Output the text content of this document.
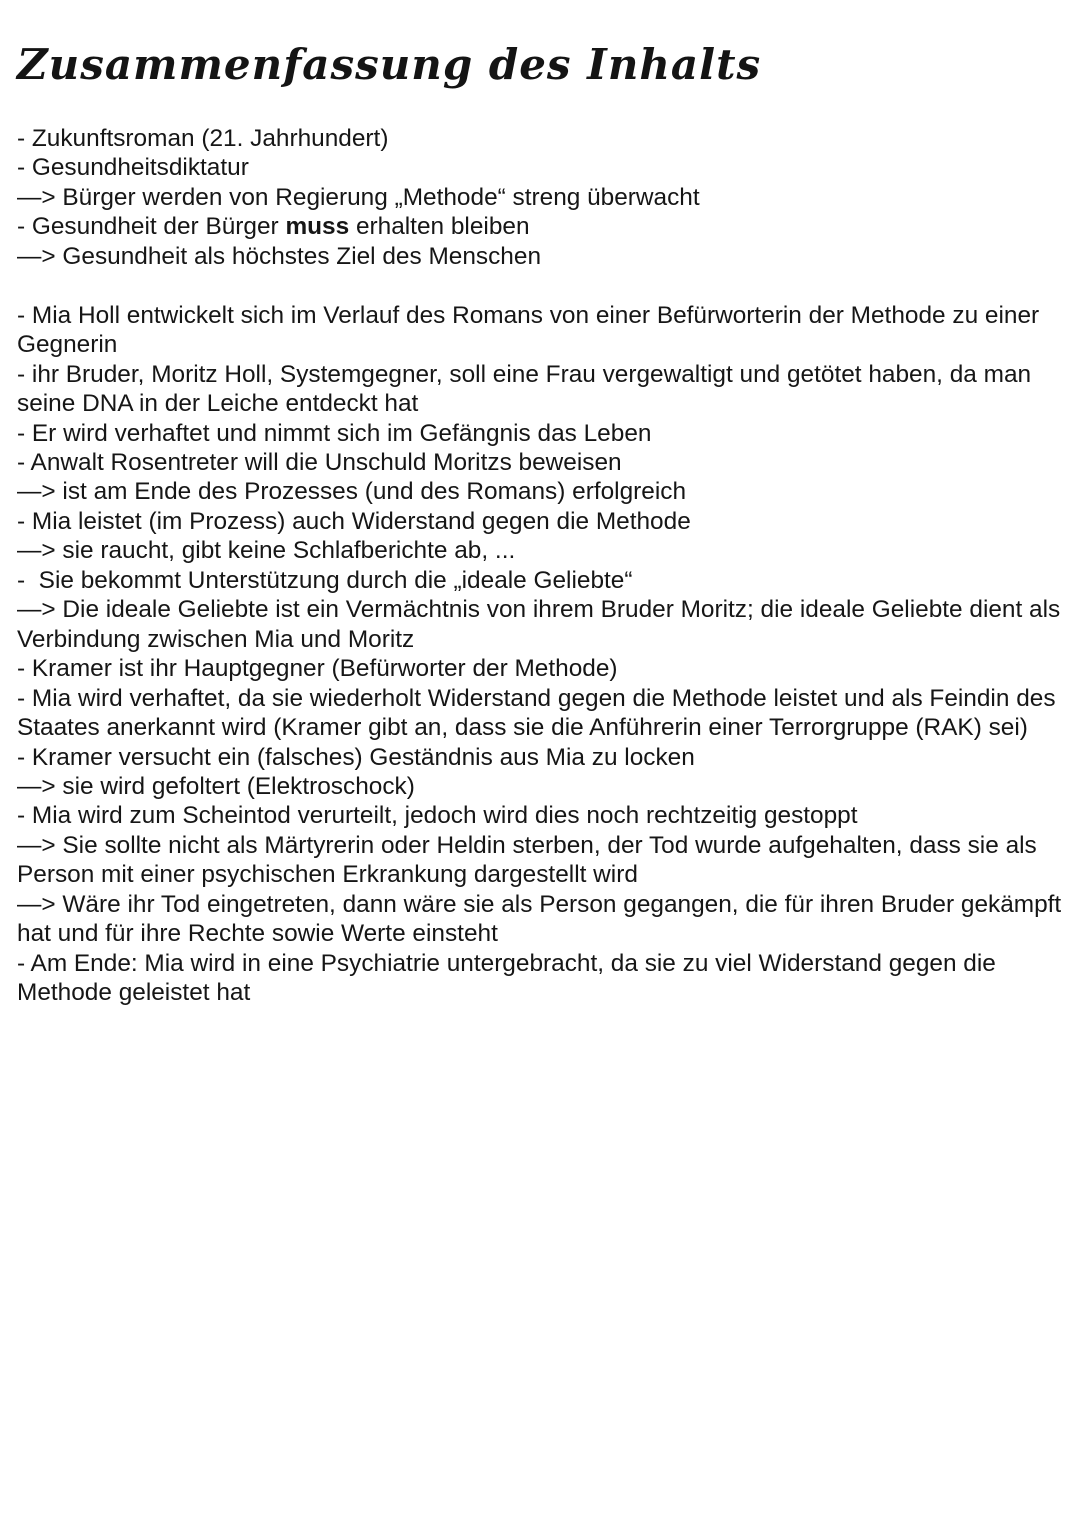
Zusammenfassung des Inhalts

- Zukunftsroman (21. Jahrhundert)

- Gesundheitsdiktatur

—> Bürger werden von Regierung „Methode“ streng überwacht

- Gesundheit der Bürger muss erhalten bleiben

—> Gesundheit als höchstes Ziel des Menschen

- Mia Holl entwickelt sich im Verlauf des Romans von einer Befürworterin der Methode zu einer Gegnerin

- ihr Bruder, Moritz Holl, Systemgegner, soll eine Frau vergewaltigt und getötet haben, da man seine DNA in der Leiche entdeckt hat

- Er wird verhaftet und nimmt sich im Gefängnis das Leben

- Anwalt Rosentreter will die Unschuld Moritzs beweisen

—> ist am Ende des Prozesses (und des Romans) erfolgreich

- Mia leistet (im Prozess) auch Widerstand gegen die Methode

—> sie raucht, gibt keine Schlafberichte ab, ...

-  Sie bekommt Unterstützung durch die „ideale Geliebte“

—> Die ideale Geliebte ist ein Vermächtnis von ihrem Bruder Moritz; die ideale Geliebte dient als Verbindung zwischen Mia und Moritz

- Kramer ist ihr Hauptgegner (Befürworter der Methode)

- Mia wird verhaftet, da sie wiederholt Widerstand gegen die Methode leistet und als Feindin des Staates anerkannt wird (Kramer gibt an, dass sie die Anführerin einer Terrorgruppe (RAK) sei)

- Kramer versucht ein (falsches) Geständnis aus Mia zu locken

—> sie wird gefoltert (Elektroschock)

- Mia wird zum Scheintod verurteilt, jedoch wird dies noch rechtzeitig gestoppt

—> Sie sollte nicht als Märtyrerin oder Heldin sterben, der Tod wurde aufgehalten, dass sie als Person mit einer psychischen Erkrankung dargestellt wird

—> Wäre ihr Tod eingetreten, dann wäre sie als Person gegangen, die für ihren Bruder gekämpft hat und für ihre Rechte sowie Werte einsteht

- Am Ende: Mia wird in eine Psychiatrie untergebracht, da sie zu viel Widerstand gegen die Methode geleistet hat
